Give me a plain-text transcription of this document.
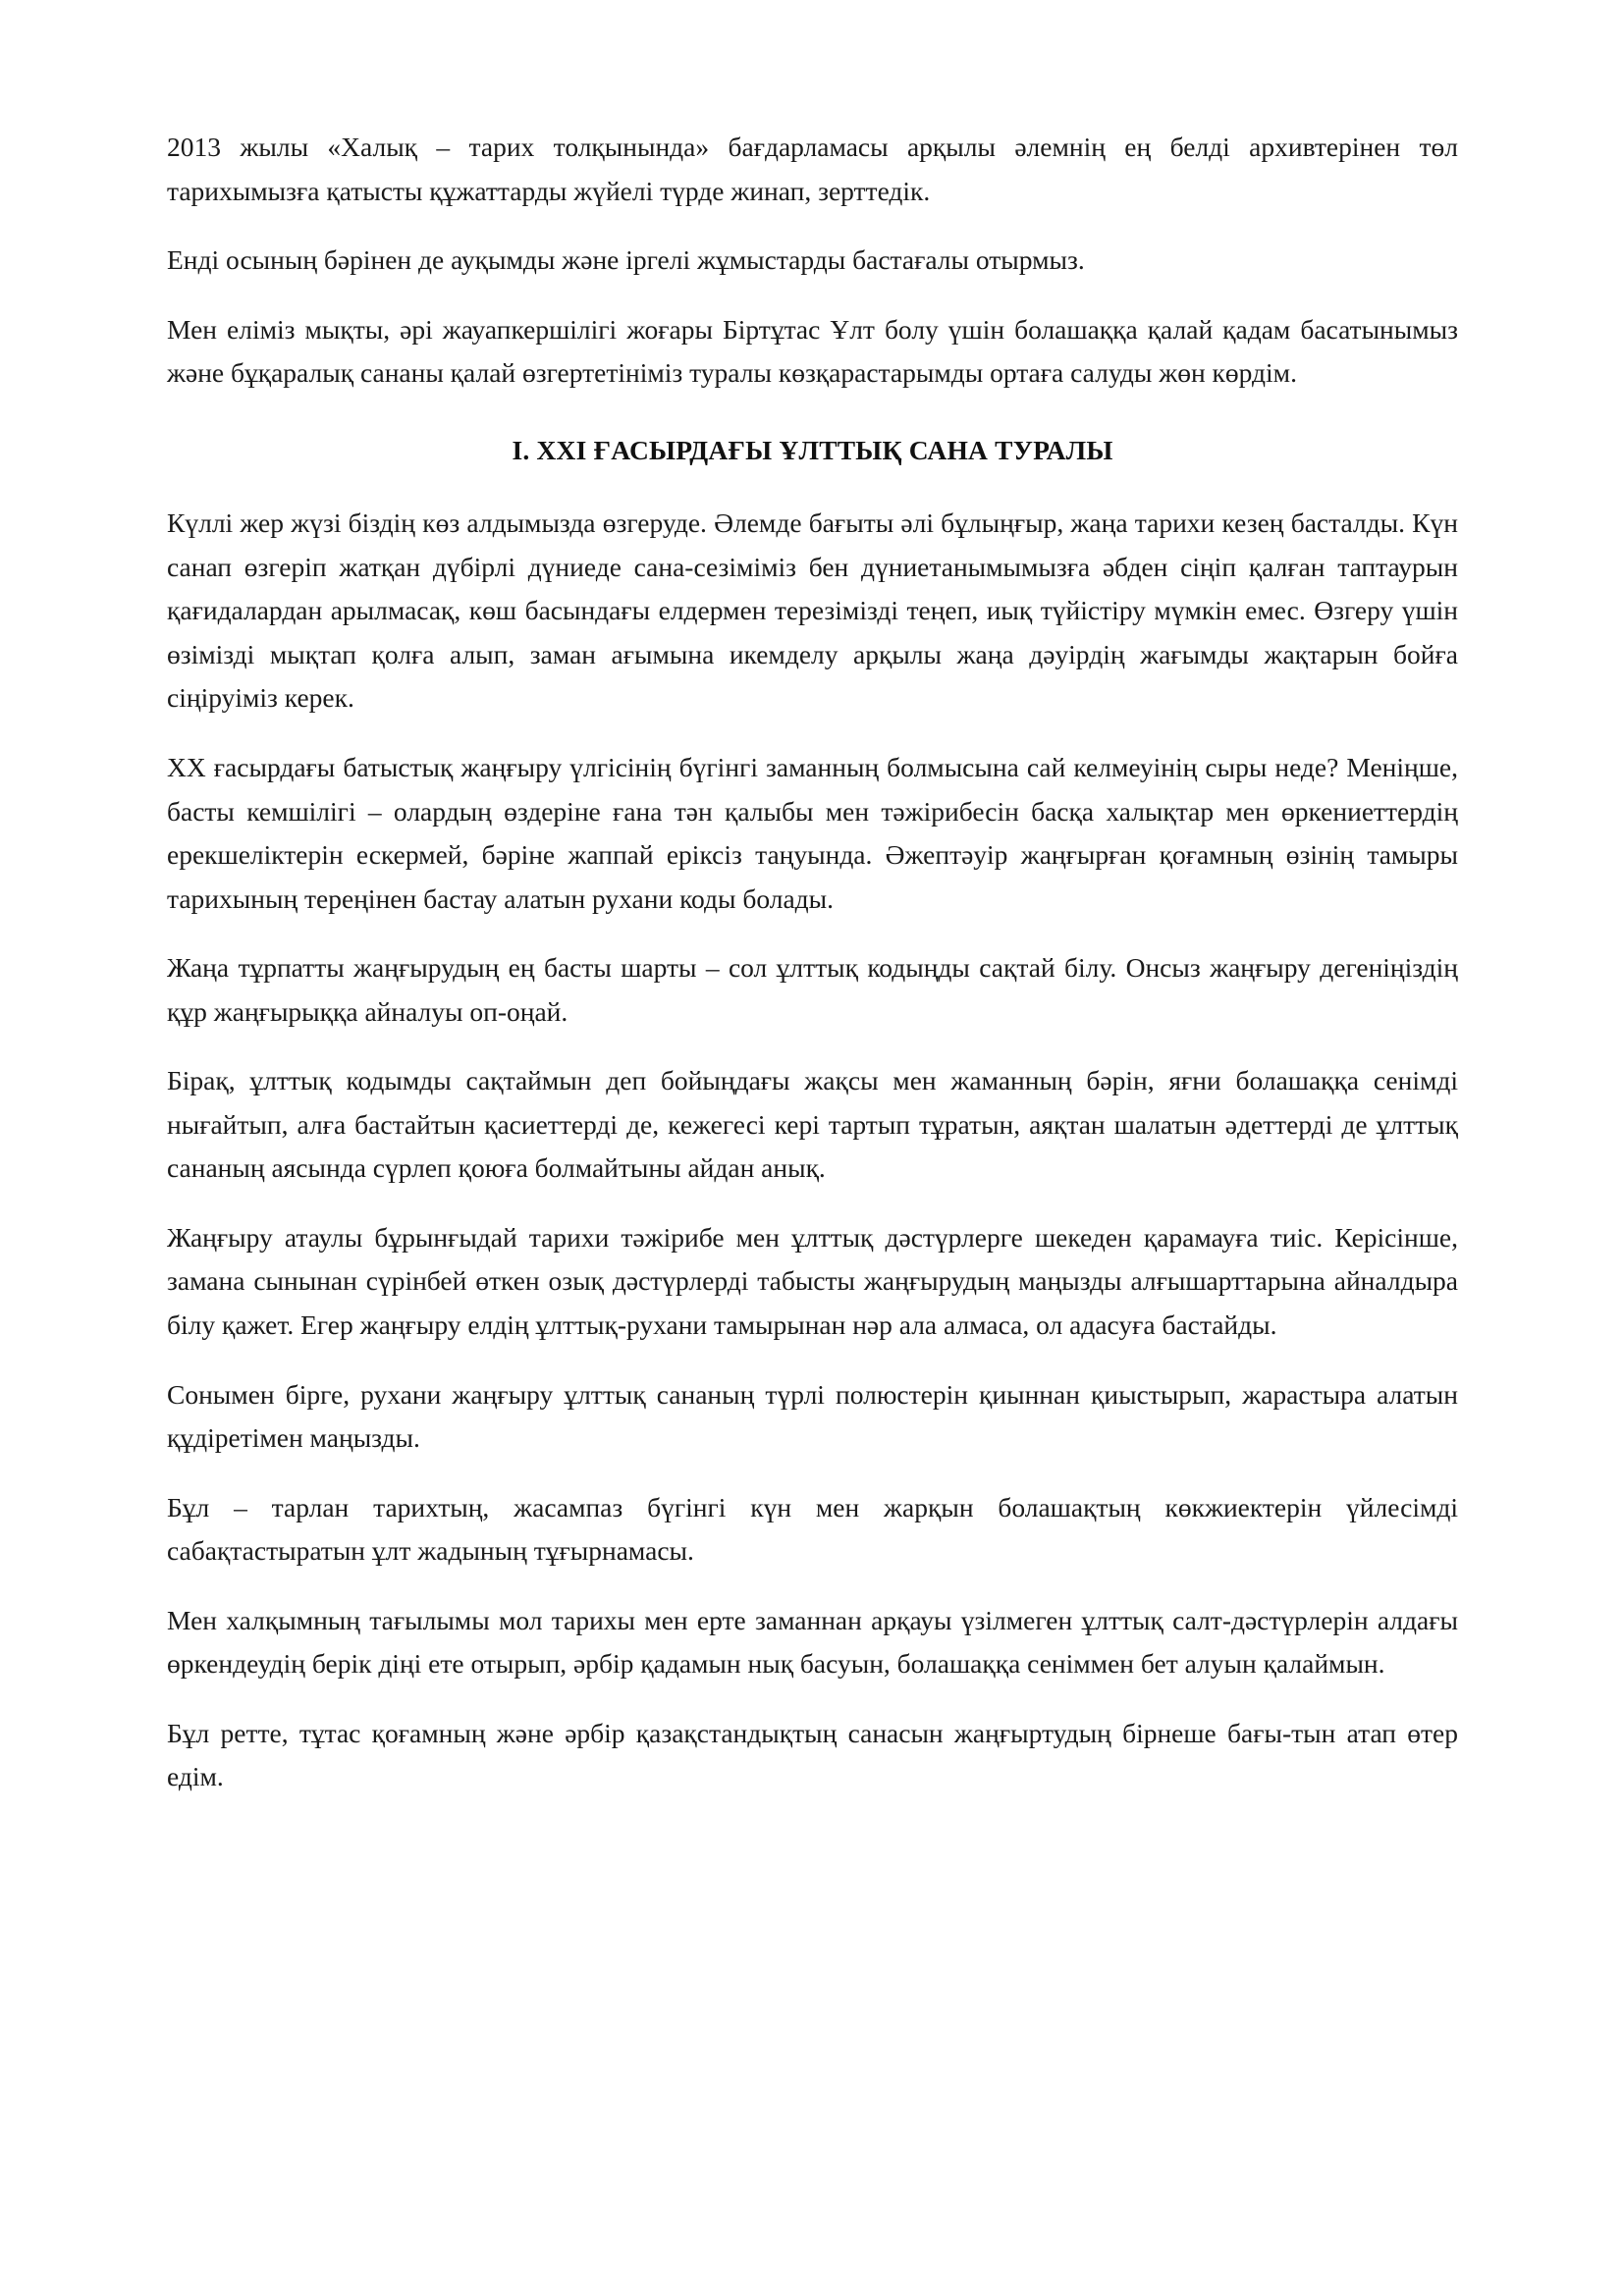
2013 жылы «Халық – тарих толқынында» бағдарламасы арқылы әлемнің ең белді архивтерінен төл тарихымызға қатысты құжаттарды жүйелі түрде жинап, зерттедік.

Енді осының бәрінен де ауқымды және іргелі жұмыстарды бастағалы отырмыз.

Мен еліміз мықты, әрі жауапкершілігі жоғары Біртұтас Ұлт болу үшін болашаққа қалай қадам басатынымыз және бұқаралық сананы қалай өзгертетініміз туралы көзқарастарымды ортаға салуды жөн көрдім.

І. XXI ҒАСЫРДАҒЫ ҰЛТТЫҚ САНА ТУРАЛЫ

Күллі жер жүзі біздің көз алдымызда өзгеруде. Әлемде бағыты әлі бұлыңғыр, жаңа тарихи кезең басталды. Күн санап өзгеріп жатқан дүбірлі дүниеде сана-сезіміміз бен дүниетанымымызға әбден сіңіп қалған таптаурын қағидалардан арылмасақ, көш басындағы елдермен терезімізді теңеп, иық түйістіру мүмкін емес. Өзгеру үшін өзімізді мықтап қолға алып, заман ағымына икемделу арқылы жаңа дәуірдің жағымды жақтарын бойға сіңіруіміз керек.

ХХ ғасырдағы батыстық жаңғыру үлгісінің бүгінгі заманның болмысына сай келмеуінің сыры неде? Меніңше, басты кемшілігі – олардың өздеріне ғана тән қалыбы мен тәжірибесін басқа халықтар мен өркениеттердің ерекшеліктерін ескермей, бәріне жаппай еріксіз таңуында. Әжептәуір жаңғырған қоғамның өзінің тамыры тарихының тереңінен бастау алатын рухани коды болады.

Жаңа тұрпатты жаңғырудың ең басты шарты – сол ұлттық кодыңды сақтай білу. Онсыз жаңғыру дегеніңіздің құр жаңғырыққа айналуы оп-оңай.

Бірақ, ұлттық кодымды сақтаймын деп бойыңдағы жақсы мен жаманның бәрін, яғни болашаққа сенімді нығайтып, алға бастайтын қасиеттерді де, кежегесі кері тартып тұратын, аяқтан шалатын әдеттерді де ұлттық сананың аясында сүрлеп қоюға болмайтыны айдан анық.

Жаңғыру атаулы бұрынғыдай тарихи тәжірибе мен ұлттық дәстүрлерге шекеден қарамауға тиіс. Керісінше, замана сынынан сүрінбей өткен озық дәстүрлерді табысты жаңғырудың маңызды алғышарттарына айналдыра білу қажет. Егер жаңғыру елдің ұлттық-рухани тамырынан нәр ала алмаса, ол адасуға бастайды.

Сонымен бірге, рухани жаңғыру ұлттық сананың түрлі полюстерін қиыннан қиыстырып, жарастыра алатын құдіретімен маңызды.

Бұл – тарлан тарихтың, жасампаз бүгінгі күн мен жарқын болашақтың көкжиектерін үйлесімді сабақтастыратын ұлт жадының тұғырнамасы.

Мен халқымның тағылымы мол тарихы мен ерте заманнан арқауы үзілмеген ұлттық салт-дәстүрлерін алдағы өркендеудің берік діңі ете отырып, әрбір қадамын нық басуын, болашаққа сеніммен бет алуын қалаймын.

Бұл ретте, тұтас қоғамның және әрбір қазақстандықтың санасын жаңғыртудың бірнеше бағы-тын атап өтер едім.
